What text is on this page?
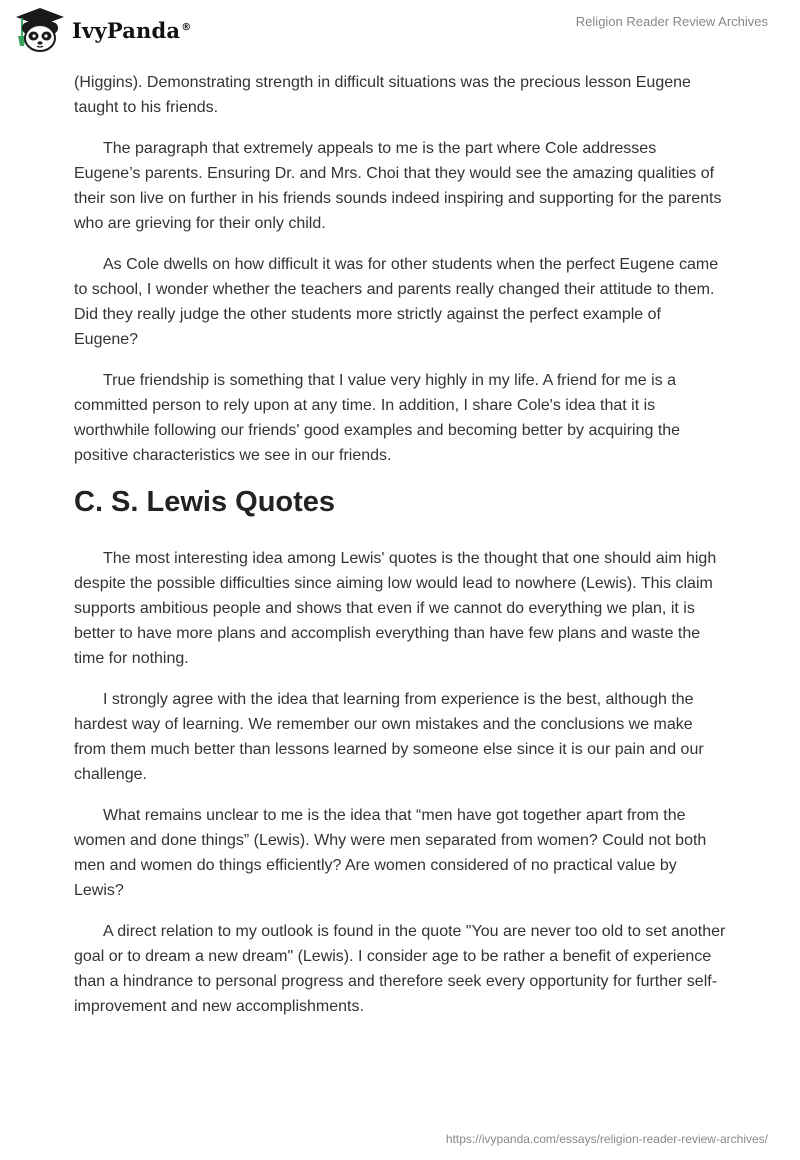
IvyPanda®	Religion Reader Review Archives

(Higgins). Demonstrating strength in difficult situations was the precious lesson Eugene taught to his friends.

The paragraph that extremely appeals to me is the part where Cole addresses Eugene’s parents. Ensuring Dr. and Mrs. Choi that they would see the amazing qualities of their son live on further in his friends sounds indeed inspiring and supporting for the parents who are grieving for their only child.

As Cole dwells on how difficult it was for other students when the perfect Eugene came to school, I wonder whether the teachers and parents really changed their attitude to them. Did they really judge the other students more strictly against the perfect example of Eugene?

True friendship is something that I value very highly in my life. A friend for me is a committed person to rely upon at any time. In addition, I share Cole's idea that it is worthwhile following our friends' good examples and becoming better by acquiring the positive characteristics we see in our friends.

C. S. Lewis Quotes

The most interesting idea among Lewis' quotes is the thought that one should aim high despite the possible difficulties since aiming low would lead to nowhere (Lewis). This claim supports ambitious people and shows that even if we cannot do everything we plan, it is better to have more plans and accomplish everything than have few plans and waste the time for nothing.

I strongly agree with the idea that learning from experience is the best, although the hardest way of learning. We remember our own mistakes and the conclusions we make from them much better than lessons learned by someone else since it is our pain and our challenge.

What remains unclear to me is the idea that “men have got together apart from the women and done things” (Lewis). Why were men separated from women? Could not both men and women do things efficiently? Are women considered of no practical value by Lewis?

A direct relation to my outlook is found in the quote "You are never too old to set another goal or to dream a new dream" (Lewis). I consider age to be rather a benefit of experience than a hindrance to personal progress and therefore seek every opportunity for further self-improvement and new accomplishments.

https://ivypanda.com/essays/religion-reader-review-archives/
